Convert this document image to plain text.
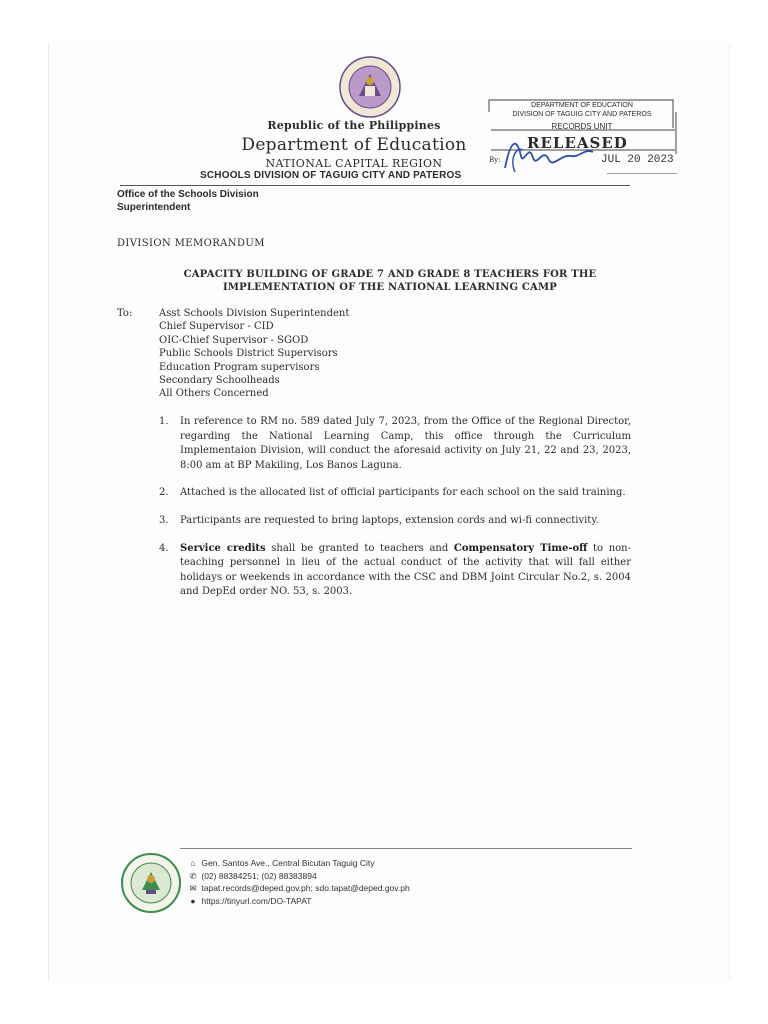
Republic of the Philippines
Department of Education
NATIONAL CAPITAL REGION
SCHOOLS DIVISION OF TAGUIG CITY AND PATEROS
DEPARTMENT OF EDUCATION
DIVISION OF TAGUIG CITY AND PATEROS
RECORDS UNIT
RELEASED
By:	JUL 20 2023
Office of the Schools Division Superintendent
DIVISION MEMORANDUM
CAPACITY BUILDING OF GRADE 7 AND GRADE 8 TEACHERS FOR THE IMPLEMENTATION OF THE NATIONAL LEARNING CAMP
To:	Asst Schools Division Superintendent
Chief Supervisor - CID
OIC-Chief Supervisor - SGOD
Public Schools District Supervisors
Education Program supervisors
Secondary Schoolheads
All Others Concerned
1. In reference to RM no. 589 dated July 7, 2023, from the Office of the Regional Director, regarding the National Learning Camp, this office through the Curriculum Implementaion Division, will conduct the aforesaid activity on July 21, 22 and 23, 2023, 8:00 am at BP Makiling, Los Banos Laguna.
2. Attached is the allocated list of official participants for each school on the said training.
3. Participants are requested to bring laptops, extension cords and wi-fi connectivity.
4. Service credits shall be granted to teachers and Compensatory Time-off to non-teaching personnel in lieu of the actual conduct of the activity that will fall either holidays or weekends in accordance with the CSC and DBM Joint Circular No.2, s. 2004 and DepEd order NO. 53, s. 2003.
⌂ Gen. Santos Ave., Central Bicutan Taguig City
✆ (02) 88384251; (02) 88383894
✉ tapat.records@deped.gov.ph; sdo.tapat@deped.gov.ph
● https://tinyurl.com/DO-TAPAT
